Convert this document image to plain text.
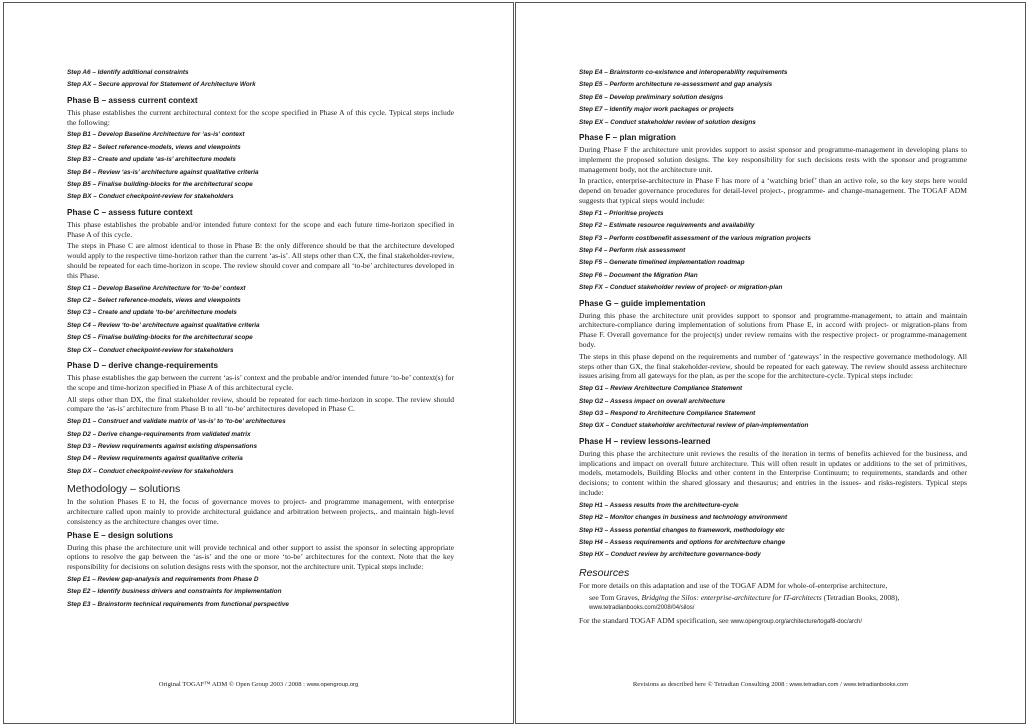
Step A6 – Identify additional constraints
Step AX – Secure approval for Statement of Architecture Work
Phase B – assess current context

This phase establishes the current architectural context for the scope specified in Phase A of this cycle. Typical steps include the following:

Step B1 – Develop Baseline Architecture for ‘as-is’ context
Step B2 – Select reference-models, views and viewpoints
Step B3 – Create and update ‘as-is’ architecture models
Step B4 – Review ‘as-is’ architecture against qualitative criteria
Step B5 – Finalise building-blocks for the architectural scope
Step BX – Conduct checkpoint-review for stakeholders
Phase C – assess future context

This phase establishes the probable and/or intended future context for the scope and each future time-horizon specified in Phase A of this cycle.

The steps in Phase C are almost identical to those in Phase B: the only difference should be that the architecture developed would apply to the respective time-horizon rather than the current ‘as-is’. All steps other than CX, the final stakeholder-review, should be repeated for each time-horizon in scope. The review should cover and compare all ‘to-be’ architectures developed in this Phase.

Step C1 – Develop Baseline Architecture for ‘to-be’ context
Step C2 – Select reference-models, views and viewpoints
Step C3 – Create and update ‘to-be’ architecture models
Step C4 – Review ‘to-be’ architecture against qualitative criteria
Step C5 – Finalise building-blocks for the architectural scope
Step CX – Conduct checkpoint-review for stakeholders
Phase D – derive change-requirements

This phase establishes the gap between the current ‘as-is’ context and the probable and/or intended future ‘to-be’ context(s) for the scope and time-horizon specified in Phase A of this architectural cycle.

All steps other than DX, the final stakeholder review, should be repeated for each time-horizon in scope. The review should compare the ‘as-is’ architecture from Phase B to all ‘to-be’ architectures developed in Phase C.

Step D1 – Construct and validate matrix of ‘as-is’ to ‘to-be’ architectures
Step D2 – Derive change-requirements from validated matrix
Step D3 – Review requirements against existing dispensations
Step D4 – Review requirements against qualitative criteria
Step DX – Conduct checkpoint-review for stakeholders
Methodology – solutions

In the solution Phases E to H, the focus of governance moves to project- and programme management, with enterprise architecture called upon mainly to provide architectural guidance and arbitration between projects,. and maintain high-level consistency as the architecture changes over time.

Phase E – design solutions

During this phase the architecture unit will provide technical and other support to assist the sponsor in selecting appropriate options to resolve the gap between the ‘as-is’ and the one or more ‘to-be’ architectures for the context. Note that the key responsibility for decisions on solution designs rests with the sponsor, not the architecture unit. Typical steps include:

Step E1 – Review gap-analysis and requirements from Phase D
Step E2 – Identify business drivers and constraints for implementation
Step E3 – Brainstorm technical requirements from functional perspective
Original TOGAF™ ADM © Open Group 2003 / 2008 : www.opengroup.org
Step E4 – Brainstorm co-existence and interoperability requirements
Step E5 – Perform architecture re-assessment and gap analysis
Step E6 – Develop preliminary solution designs
Step E7 – Identify major work packages or projects
Step EX – Conduct stakeholder review of solution designs
Phase F – plan migration

During Phase F the architecture unit provides support to assist sponsor and programme-management in developing plans to implement the proposed solution designs. The key responsibility for such decisions rests with the sponsor and programme management body, not the architecture unit.

In practice, enterprise-architecture in Phase F has more of a ‘watching brief’ than an active role, so the key steps here would depend on broader governance procedures for detail-level project-, programme- and change-management. The TOGAF ADM suggests that typical steps would include:

Step F1 – Prioritise projects
Step F2 – Estimate resource requirements and availability
Step F3 – Perform cost/benefit assessment of the various migration projects
Step F4 – Perform risk assessment
Step F5 – Generate timelined implementation roadmap
Step F6 – Document the Migration Plan
Step FX – Conduct stakeholder review of project- or migration-plan
Phase G – guide implementation

During this phase the architecture unit provides support to sponsor and programme-management, to attain and maintain architecture-compliance during implementation of solutions from Phase E, in accord with project- or migration-plans from Phase F. Overall governance for the project(s) under review remains with the respective project- or programme-management body.

The steps in this phase depend on the requirements and number of ‘gateways’ in the respective governance methodology. All steps other than GX, the final stakeholder-review, should be repeated for each gateway. The review should assess architecture issues arising from all gateways for the plan, as per the scope for the architecture-cycle. Typical steps include:

Step G1 – Review Architecture Compliance Statement
Step G2 – Assess impact on overall architecture
Step G3 – Respond to Architecture Compliance Statement
Step GX – Conduct stakeholder architectural review of plan-implementation
Phase H – review lessons-learned

During this phase the architecture unit reviews the results of the iteration in terms of benefits achieved for the business, and implications and impact on overall future architecture. This will often result in updates or additions to the set of primitives, models, metamodels, Building Blocks and other content in the Enterprise Continuum; to requirements, standards and other decisions; to content within the shared glossary and thesaurus; and entries in the issues- and risks-registers. Typical steps include:

Step H1 – Assess results from the architecture-cycle
Step H2 – Monitor changes in business and technology environment
Step H3 – Assess potential changes to framework, methodology etc
Step H4 – Assess requirements and options for architecture change
Step HX – Conduct review by architecture governance-body
Resources

For more details on this adaptation and use of the TOGAF ADM for whole-of-enterprise architecture,

see Tom Graves, Bridging the Silos: enterprise-architecture for IT-architects (Tetradian Books, 2008),
www.tetradianbooks.com/2008/04/silos/

For the standard TOGAF ADM specification, see www.opengroup.org/architecture/togaf8-doc/arch/

Revisions as described here © Tetradian Consulting 2008 : www.tetradian.com / www.tetradianbooks.com
